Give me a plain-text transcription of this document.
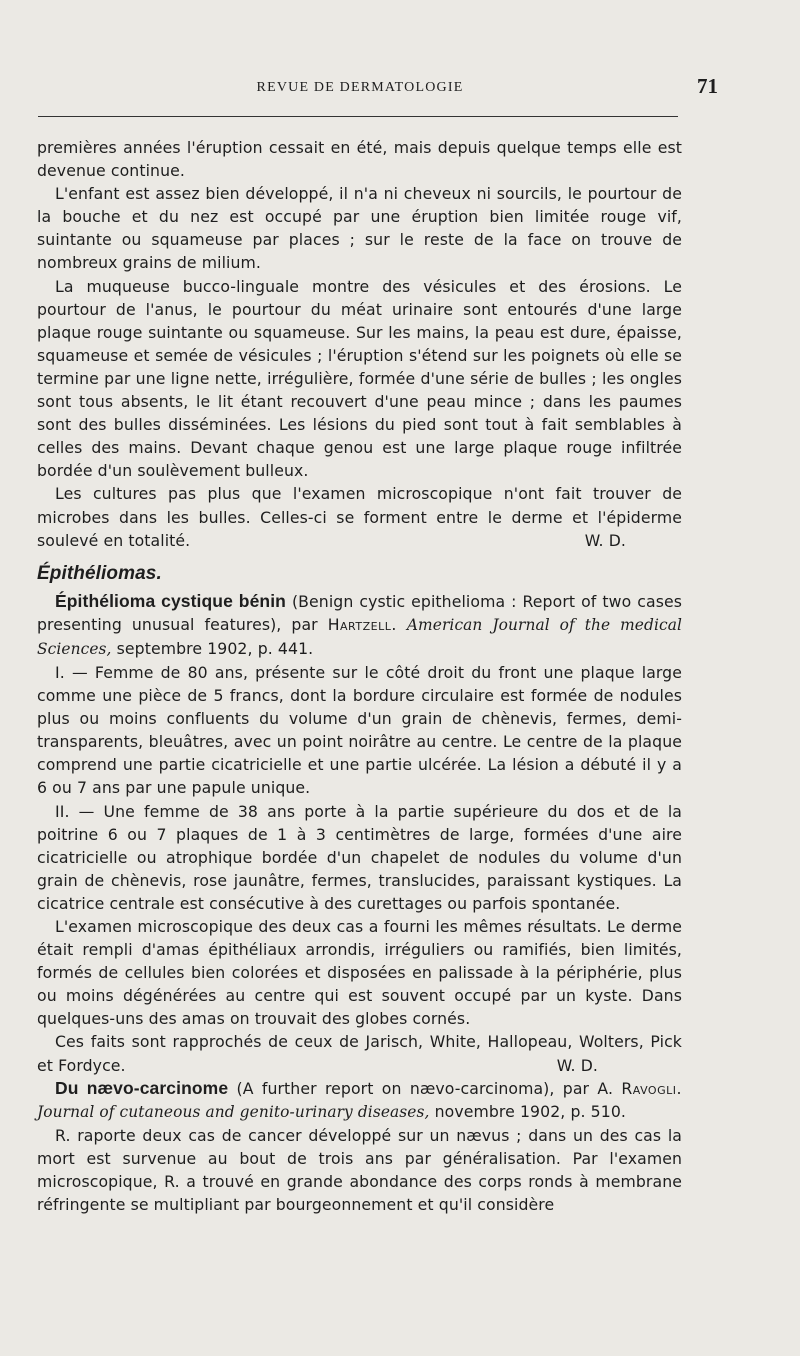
REVUE DE DERMATOLOGIE	71

premières années l'éruption cessait en été, mais depuis quelque temps elle est devenue continue.

L'enfant est assez bien développé, il n'a ni cheveux ni sourcils, le pourtour de la bouche et du nez est occupé par une éruption bien limitée rouge vif, suintante ou squameuse par places ; sur le reste de la face on trouve de nombreux grains de milium.

La muqueuse bucco-linguale montre des vésicules et des érosions. Le pourtour de l'anus, le pourtour du méat urinaire sont entourés d'une large plaque rouge suintante ou squameuse. Sur les mains, la peau est dure, épaisse, squameuse et semée de vésicules ; l'éruption s'étend sur les poignets où elle se termine par une ligne nette, irrégulière, formée d'une série de bulles ; les ongles sont tous absents, le lit étant recouvert d'une peau mince ; dans les paumes sont des bulles disséminées. Les lésions du pied sont tout à fait semblables à celles des mains. Devant chaque genou est une large plaque rouge infiltrée bordée d'un soulèvement bulleux.

Les cultures pas plus que l'examen microscopique n'ont fait trouver de microbes dans les bulles. Celles-ci se forment entre le derme et l'épiderme soulevé en totalité.	W. D.

Épithéliomas.

Épithélioma cystique bénin (Benign cystic epithelioma : Report of two cases presenting unusual features), par Hartzell. American Journal of the medical Sciences, septembre 1902, p. 441.

I. — Femme de 80 ans, présente sur le côté droit du front une plaque large comme une pièce de 5 francs, dont la bordure circulaire est formée de nodules plus ou moins confluents du volume d'un grain de chènevis, fermes, demi-transparents, bleuâtres, avec un point noirâtre au centre. Le centre de la plaque comprend une partie cicatricielle et une partie ulcérée. La lésion a débuté il y a 6 ou 7 ans par une papule unique.

II. — Une femme de 38 ans porte à la partie supérieure du dos et de la poitrine 6 ou 7 plaques de 1 à 3 centimètres de large, formées d'une aire cicatricielle ou atrophique bordée d'un chapelet de nodules du volume d'un grain de chènevis, rose jaunâtre, fermes, translucides, paraissant kystiques. La cicatrice centrale est consécutive à des curettages ou parfois spontanée.

L'examen microscopique des deux cas a fourni les mêmes résultats. Le derme était rempli d'amas épithéliaux arrondis, irréguliers ou ramifiés, bien limités, formés de cellules bien colorées et disposées en palissade à la périphérie, plus ou moins dégénérées au centre qui est souvent occupé par un kyste. Dans quelques-uns des amas on trouvait des globes cornés.

Ces faits sont rapprochés de ceux de Jarisch, White, Hallopeau, Wolters, Pick et Fordyce.	W. D.

Du nævo-carcinome (A further report on nævo-carcinoma), par A. Ravogli. Journal of cutaneous and genito-urinary diseases, novembre 1902, p. 510.

R. raporte deux cas de cancer développé sur un nævus ; dans un des cas la mort est survenue au bout de trois ans par généralisation. Par l'examen microscopique, R. a trouvé en grande abondance des corps ronds à membrane réfringente se multipliant par bourgeonnement et qu'il considère
